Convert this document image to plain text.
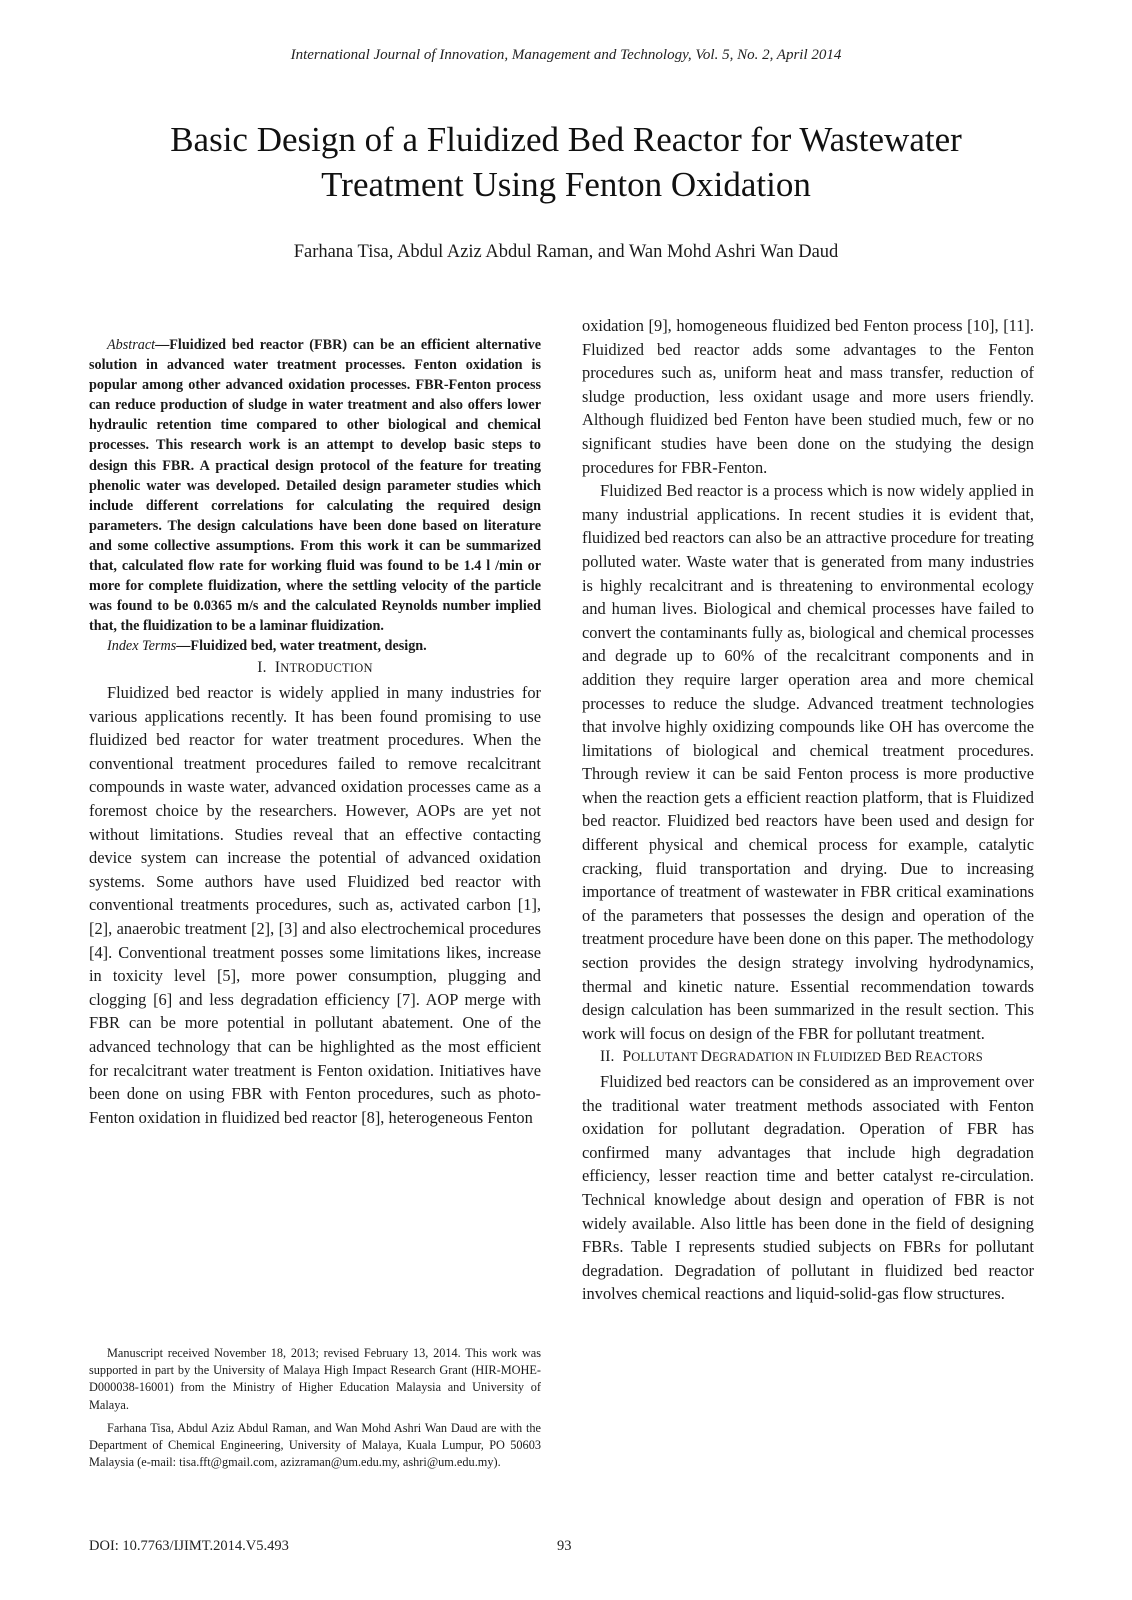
International Journal of Innovation, Management and Technology, Vol. 5, No. 2, April 2014
Basic Design of a Fluidized Bed Reactor for Wastewater Treatment Using Fenton Oxidation
Farhana Tisa, Abdul Aziz Abdul Raman, and Wan Mohd Ashri Wan Daud

Abstract—Fluidized bed reactor (FBR) can be an efficient alternative solution in advanced water treatment processes. Fenton oxidation is popular among other advanced oxidation processes. FBR-Fenton process can reduce production of sludge in water treatment and also offers lower hydraulic retention time compared to other biological and chemical processes. This research work is an attempt to develop basic steps to design this FBR. A practical design protocol of the feature for treating phenolic water was developed. Detailed design parameter studies which include different correlations for calculating the required design parameters. The design calculations have been done based on literature and some collective assumptions. From this work it can be summarized that, calculated flow rate for working fluid was found to be 1.4 l /min or more for complete fluidization, where the settling velocity of the particle was found to be 0.0365 m/s and the calculated Reynolds number implied that, the fluidization to be a laminar fluidization.

Index Terms—Fluidized bed, water treatment, design.

I. INTRODUCTION

Fluidized bed reactor is widely applied in many industries for various applications recently. It has been found promising to use fluidized bed reactor for water treatment procedures. When the conventional treatment procedures failed to remove recalcitrant compounds in waste water, advanced oxidation processes came as a foremost choice by the researchers. However, AOPs are yet not without limitations. Studies reveal that an effective contacting device system can increase the potential of advanced oxidation systems. Some authors have used Fluidized bed reactor with conventional treatments procedures, such as, activated carbon [1], [2], anaerobic treatment [2], [3] and also electrochemical procedures [4]. Conventional treatment posses some limitations likes, increase in toxicity level [5], more power consumption, plugging and clogging [6] and less degradation efficiency [7]. AOP merge with FBR can be more potential in pollutant abatement. One of the advanced technology that can be highlighted as the most efficient for recalcitrant water treatment is Fenton oxidation. Initiatives have been done on using FBR with Fenton procedures, such as photo-Fenton oxidation in fluidized bed reactor [8], heterogeneous Fenton

oxidation [9], homogeneous fluidized bed Fenton process [10], [11]. Fluidized bed reactor adds some advantages to the Fenton procedures such as, uniform heat and mass transfer, reduction of sludge production, less oxidant usage and more users friendly. Although fluidized bed Fenton have been studied much, few or no significant studies have been done on the studying the design procedures for FBR-Fenton.

Fluidized Bed reactor is a process which is now widely applied in many industrial applications. In recent studies it is evident that, fluidized bed reactors can also be an attractive procedure for treating polluted water. Waste water that is generated from many industries is highly recalcitrant and is threatening to environmental ecology and human lives. Biological and chemical processes have failed to convert the contaminants fully as, biological and chemical processes and degrade up to 60% of the recalcitrant components and in addition they require larger operation area and more chemical processes to reduce the sludge. Advanced treatment technologies that involve highly oxidizing compounds like OH has overcome the limitations of biological and chemical treatment procedures. Through review it can be said Fenton process is more productive when the reaction gets a efficient reaction platform, that is Fluidized bed reactor. Fluidized bed reactors have been used and design for different physical and chemical process for example, catalytic cracking, fluid transportation and drying. Due to increasing importance of treatment of wastewater in FBR critical examinations of the parameters that possesses the design and operation of the treatment procedure have been done on this paper. The methodology section provides the design strategy involving hydrodynamics, thermal and kinetic nature. Essential recommendation towards design calculation has been summarized in the result section. This work will focus on design of the FBR for pollutant treatment.

II. POLLUTANT DEGRADATION IN FLUIDIZED BED REACTORS

Fluidized bed reactors can be considered as an improvement over the traditional water treatment methods associated with Fenton oxidation for pollutant degradation. Operation of FBR has confirmed many advantages that include high degradation efficiency, lesser reaction time and better catalyst re-circulation. Technical knowledge about design and operation of FBR is not widely available. Also little has been done in the field of designing FBRs. Table I represents studied subjects on FBRs for pollutant degradation. Degradation of pollutant in fluidized bed reactor involves chemical reactions and liquid-solid-gas flow structures.

Manuscript received November 18, 2013; revised February 13, 2014. This work was supported in part by the University of Malaya High Impact Research Grant (HIR-MOHE- D000038-16001) from the Ministry of Higher Education Malaysia and University of Malaya.

Farhana Tisa, Abdul Aziz Abdul Raman, and Wan Mohd Ashri Wan Daud are with the Department of Chemical Engineering, University of Malaya, Kuala Lumpur, PO 50603 Malaysia (e-mail: tisa.fft@gmail.com, azizraman@um.edu.my, ashri@um.edu.my).

DOI: 10.7763/IJIMT.2014.V5.493	93
